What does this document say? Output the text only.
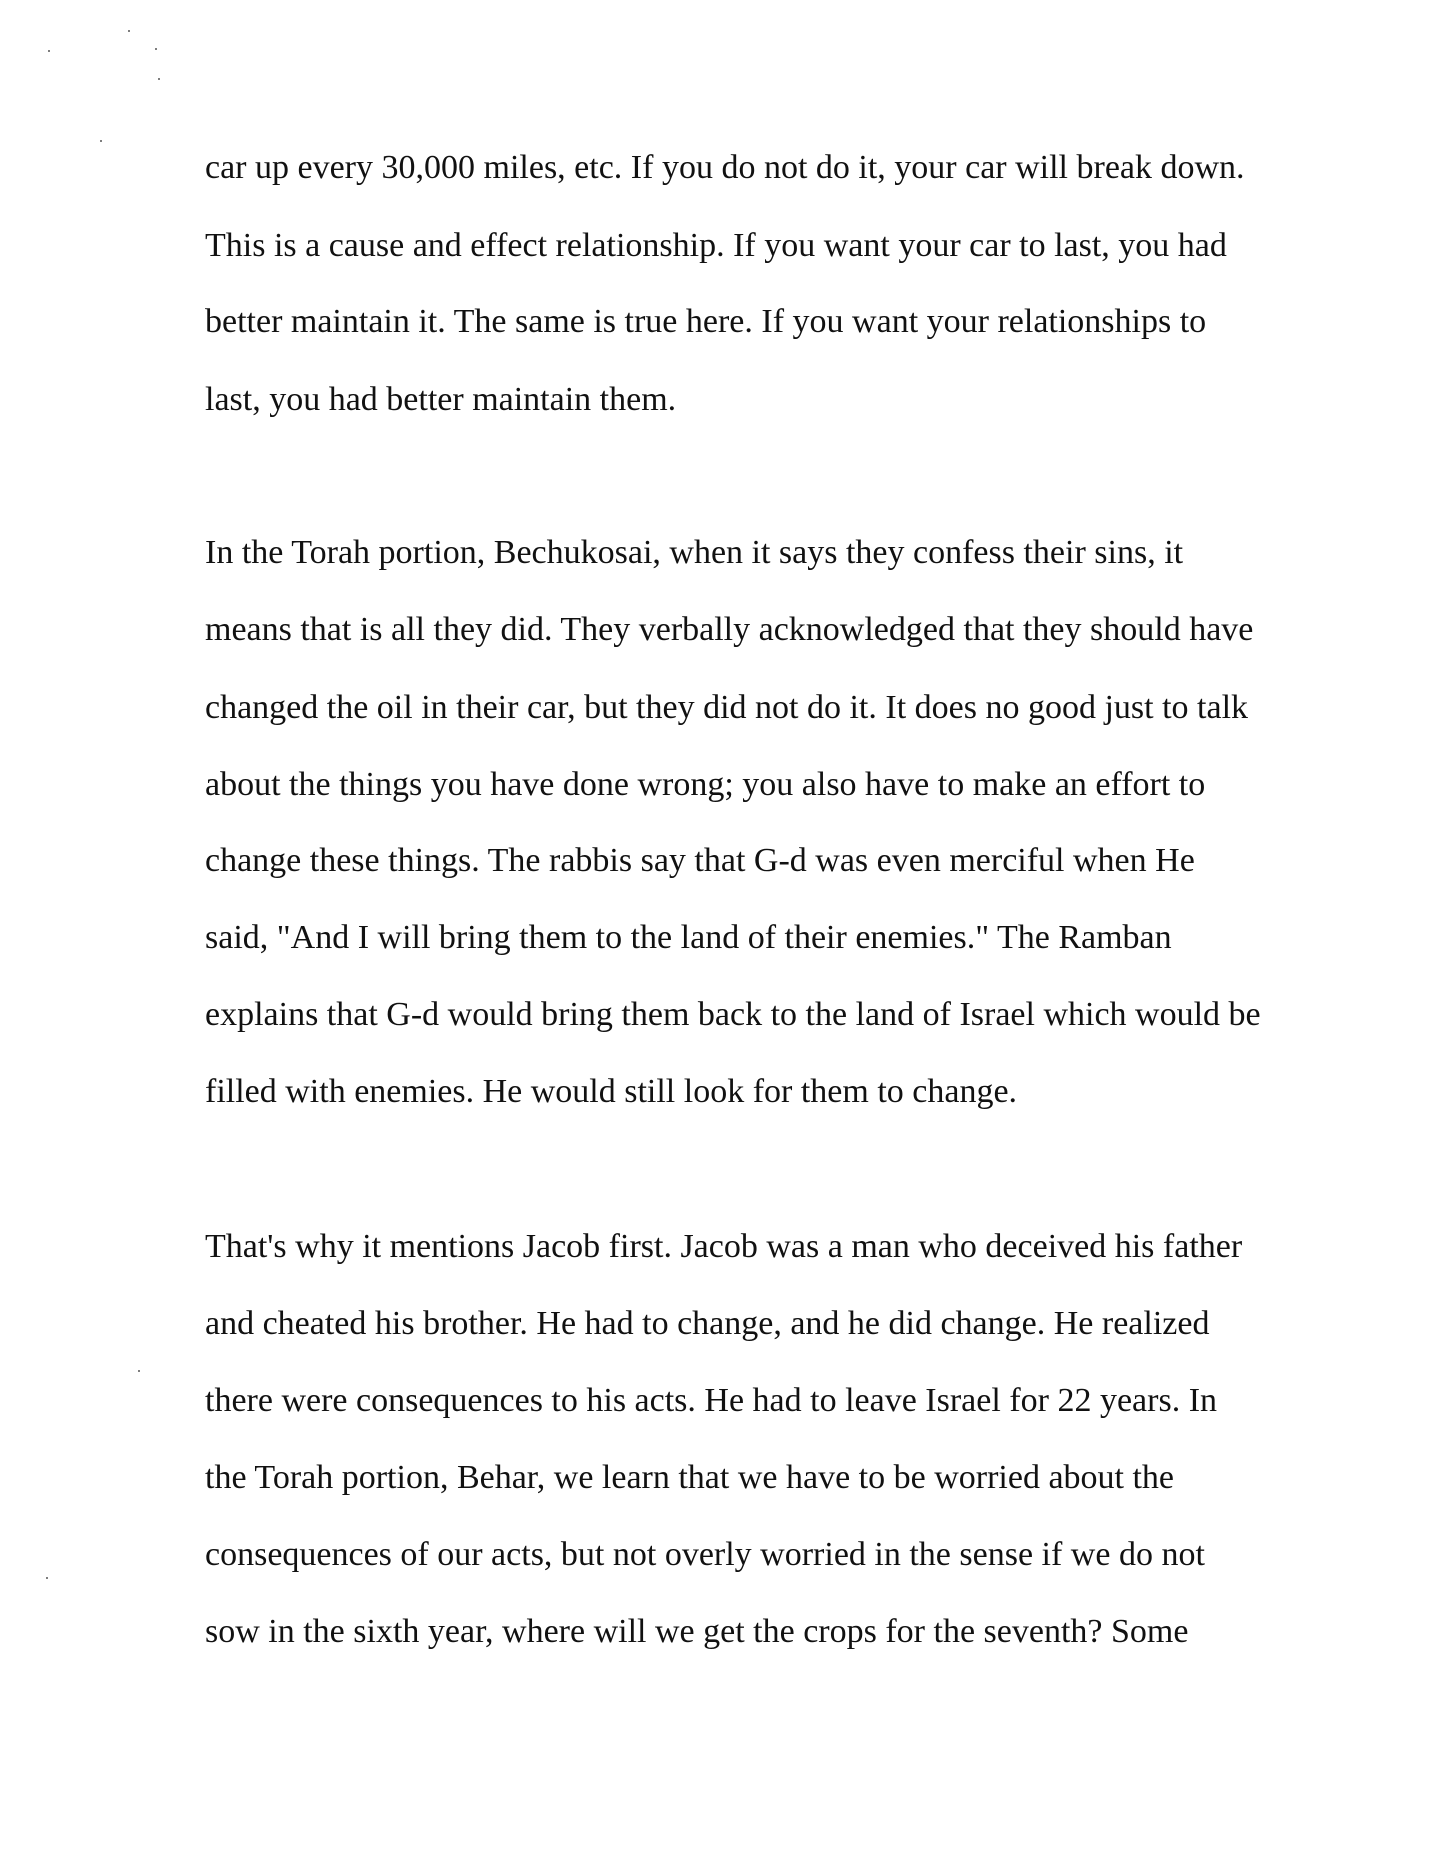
car up every 30,000 miles, etc. If you do not do it, your car will break down.

This is a cause and effect relationship. If you want your car to last, you had

better maintain it. The same is true here. If you want your relationships to

last, you had better maintain them.

In the Torah portion, Bechukosai, when it says they confess their sins, it

means that is all they did. They verbally acknowledged that they should have

changed the oil in their car, but they did not do it. It does no good just to talk

about the things you have done wrong; you also have to make an effort to

change these things. The rabbis say that G-d was even merciful when He

said, "And I will bring them to the land of their enemies." The Ramban

explains that G-d would bring them back to the land of Israel which would be

filled with enemies. He would still look for them to change.

That's why it mentions Jacob first. Jacob was a man who deceived his father

and cheated his brother. He had to change, and he did change. He realized

there were consequences to his acts. He had to leave Israel for 22 years. In

the Torah portion, Behar, we learn that we have to be worried about the

consequences of our acts, but not overly worried in the sense if we do not

sow in the sixth year, where will we get the crops for the seventh? Some
